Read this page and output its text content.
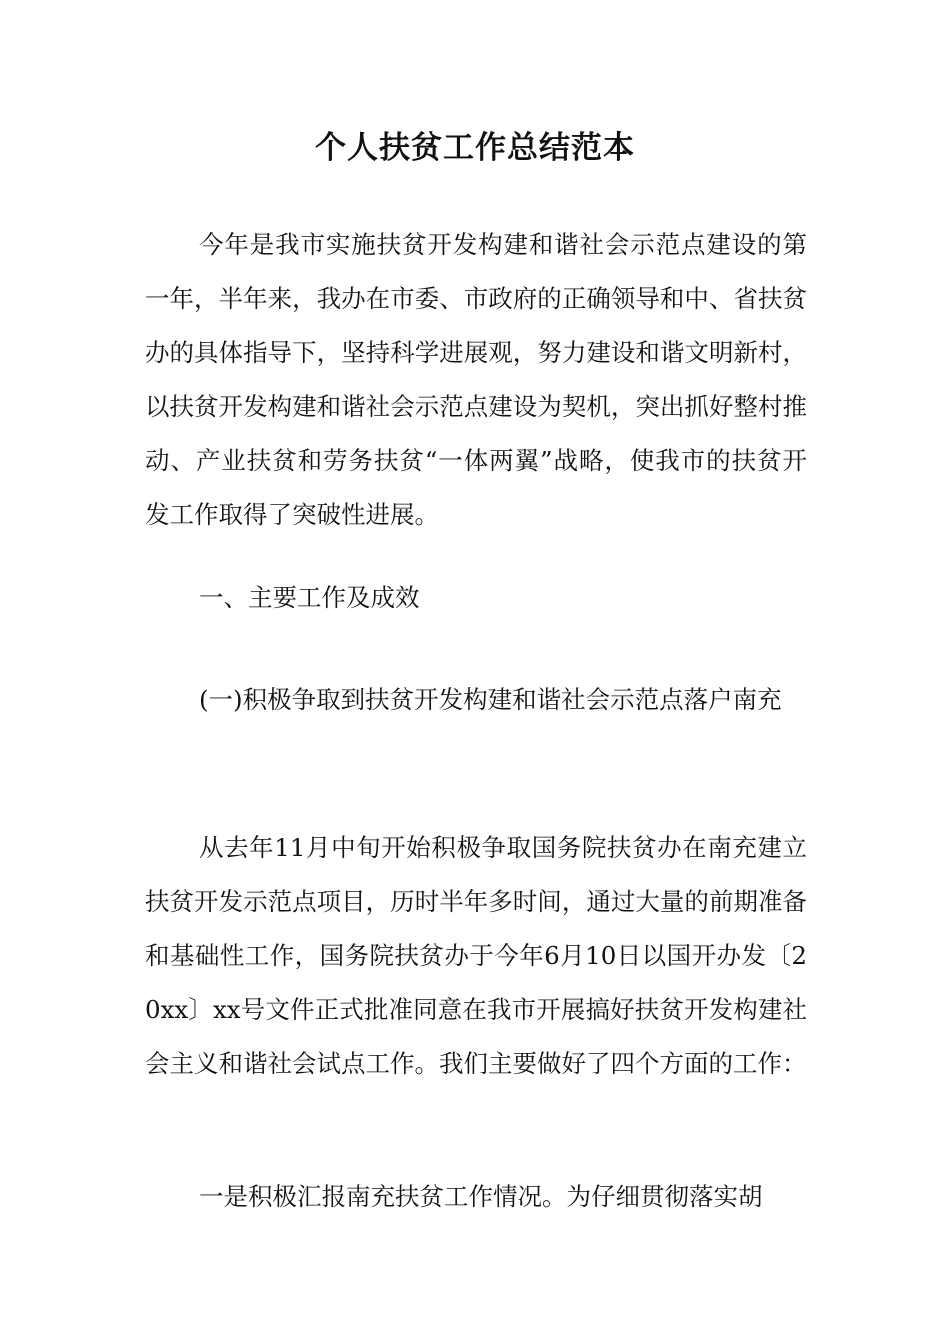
个人扶贫工作总结范本

今年是我市实施扶贫开发构建和谐社会示范点建设的第一年，半年来，我办在市委、市政府的正确领导和中、省扶贫办的具体指导下，坚持科学进展观，努力建设和谐文明新村，以扶贫开发构建和谐社会示范点建设为契机，突出抓好整村推动、产业扶贫和劳务扶贫“一体两翼”战略，使我市的扶贫开发工作取得了突破性进展。

一、主要工作及成效

(一)积极争取到扶贫开发构建和谐社会示范点落户南充

从去年11月中旬开始积极争取国务院扶贫办在南充建立扶贫开发示范点项目，历时半年多时间，通过大量的前期准备和基础性工作，国务院扶贫办于今年6月10日以国开办发〔20xx〕xx号文件正式批准同意在我市开展搞好扶贫开发构建社会主义和谐社会试点工作。我们主要做好了四个方面的工作：

一是积极汇报南充扶贫工作情况。为仔细贯彻落实胡
